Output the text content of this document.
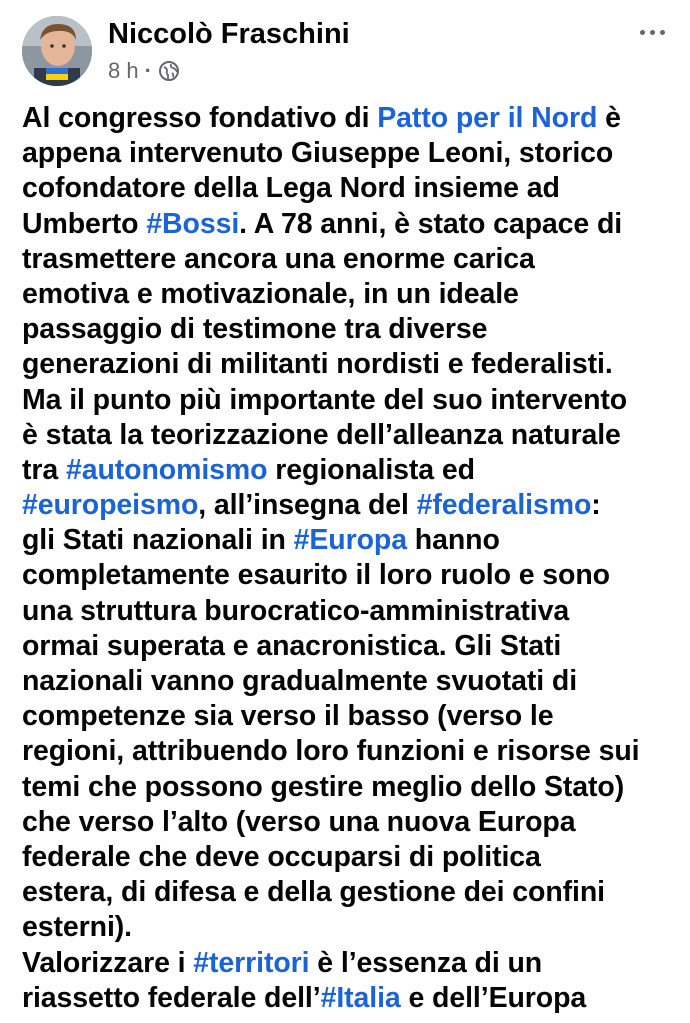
Niccolò Fraschini
8 h ·
Al congresso fondativo di Patto per il Nord è
appena intervenuto Giuseppe Leoni, storico
cofondatore della Lega Nord insieme ad
Umberto #Bossi. A 78 anni, è stato capace di
trasmettere ancora una enorme carica
emotiva e motivazionale, in un ideale
passaggio di testimone tra diverse
generazioni di militanti nordisti e federalisti.
Ma il punto più importante del suo intervento
è stata la teorizzazione dell’alleanza naturale
tra #autonomismo regionalista ed
#europeismo, all’insegna del #federalismo:
gli Stati nazionali in #Europa hanno
completamente esaurito il loro ruolo e sono
una struttura burocratico-amministrativa
ormai superata e anacronistica. Gli Stati
nazionali vanno gradualmente svuotati di
competenze sia verso il basso (verso le
regioni, attribuendo loro funzioni e risorse sui
temi che possono gestire meglio dello Stato)
che verso l’alto (verso una nuova Europa
federale che deve occuparsi di politica
estera, di difesa e della gestione dei confini
esterni).
Valorizzare i #territori è l’essenza di un
riassetto federale dell’#Italia e dell’Europa
